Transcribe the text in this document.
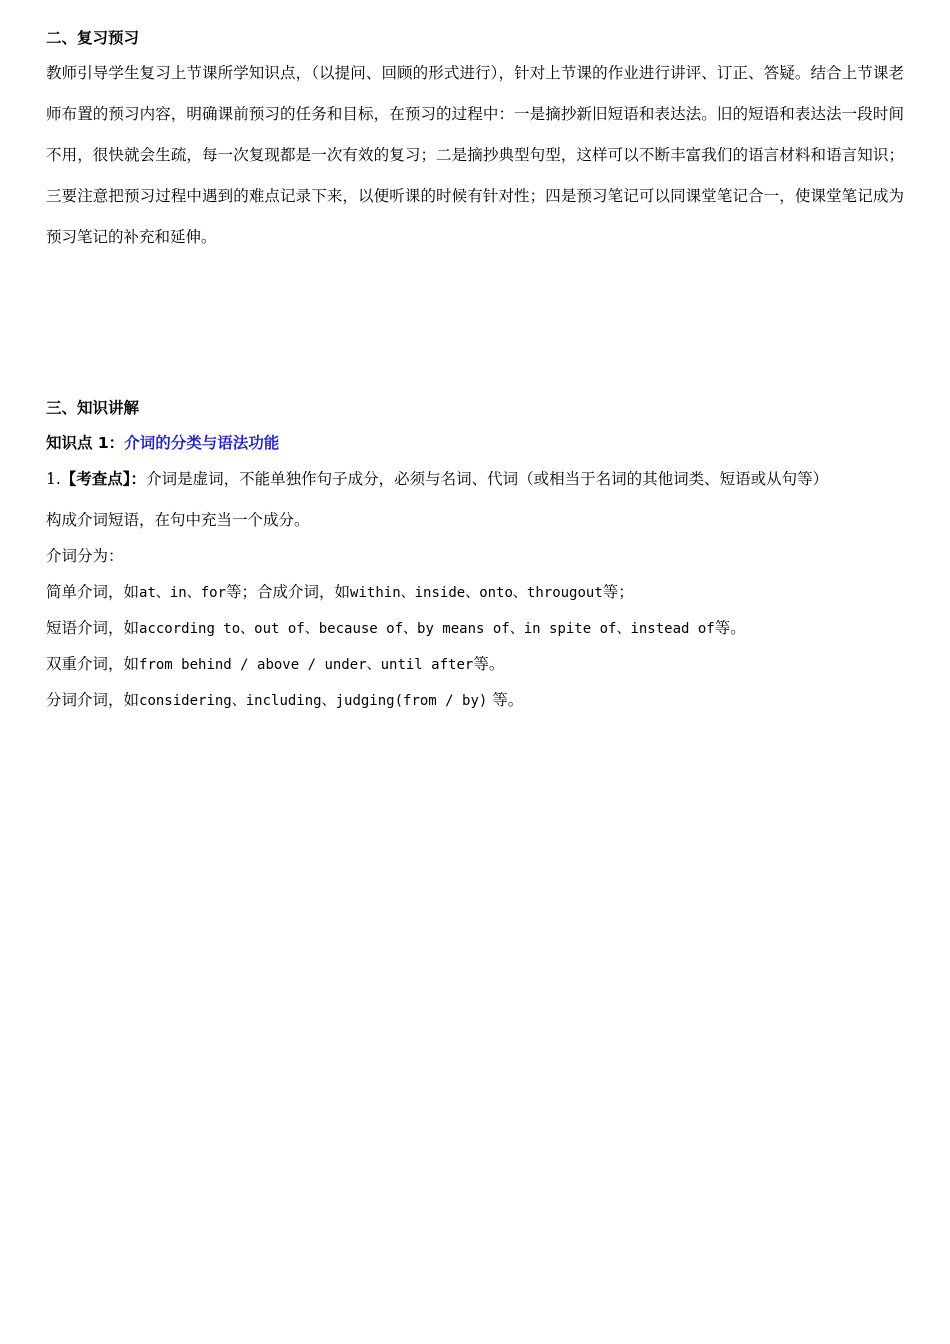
二、复习预习

教师引导学生复习上节课所学知识点，（以提问、回顾的形式进行），针对上节课的作业进行讲评、订正、答疑。结合上节课老师布置的预习内容，明确课前预习的任务和目标，在预习的过程中：一是摘抄新旧短语和表达法。旧的短语和表达法一段时间不用，很快就会生疏，每一次复现都是一次有效的复习；二是摘抄典型句型，这样可以不断丰富我们的语言材料和语言知识；三要注意把预习过程中遇到的难点记录下来，以便听课的时候有针对性；四是预习笔记可以同课堂笔记合一，使课堂笔记成为预习笔记的补充和延伸。

三、知识讲解
知识点 1：介词的分类与语法功能
1.【考查点】：介词是虚词，不能单独作句子成分，必须与名词、代词（或相当于名词的其他词类、短语或从句等）
构成介词短语，在句中充当一个成分。
介词分为：
简单介词，如at、in、for等；合成介词，如within、inside、onto、througout等；
短语介词，如according to、out of、because of、by means of、in spite of、instead of等。
双重介词，如from behind / above / under、until after等。
分词介词，如considering、including、judging(from / by) 等。
